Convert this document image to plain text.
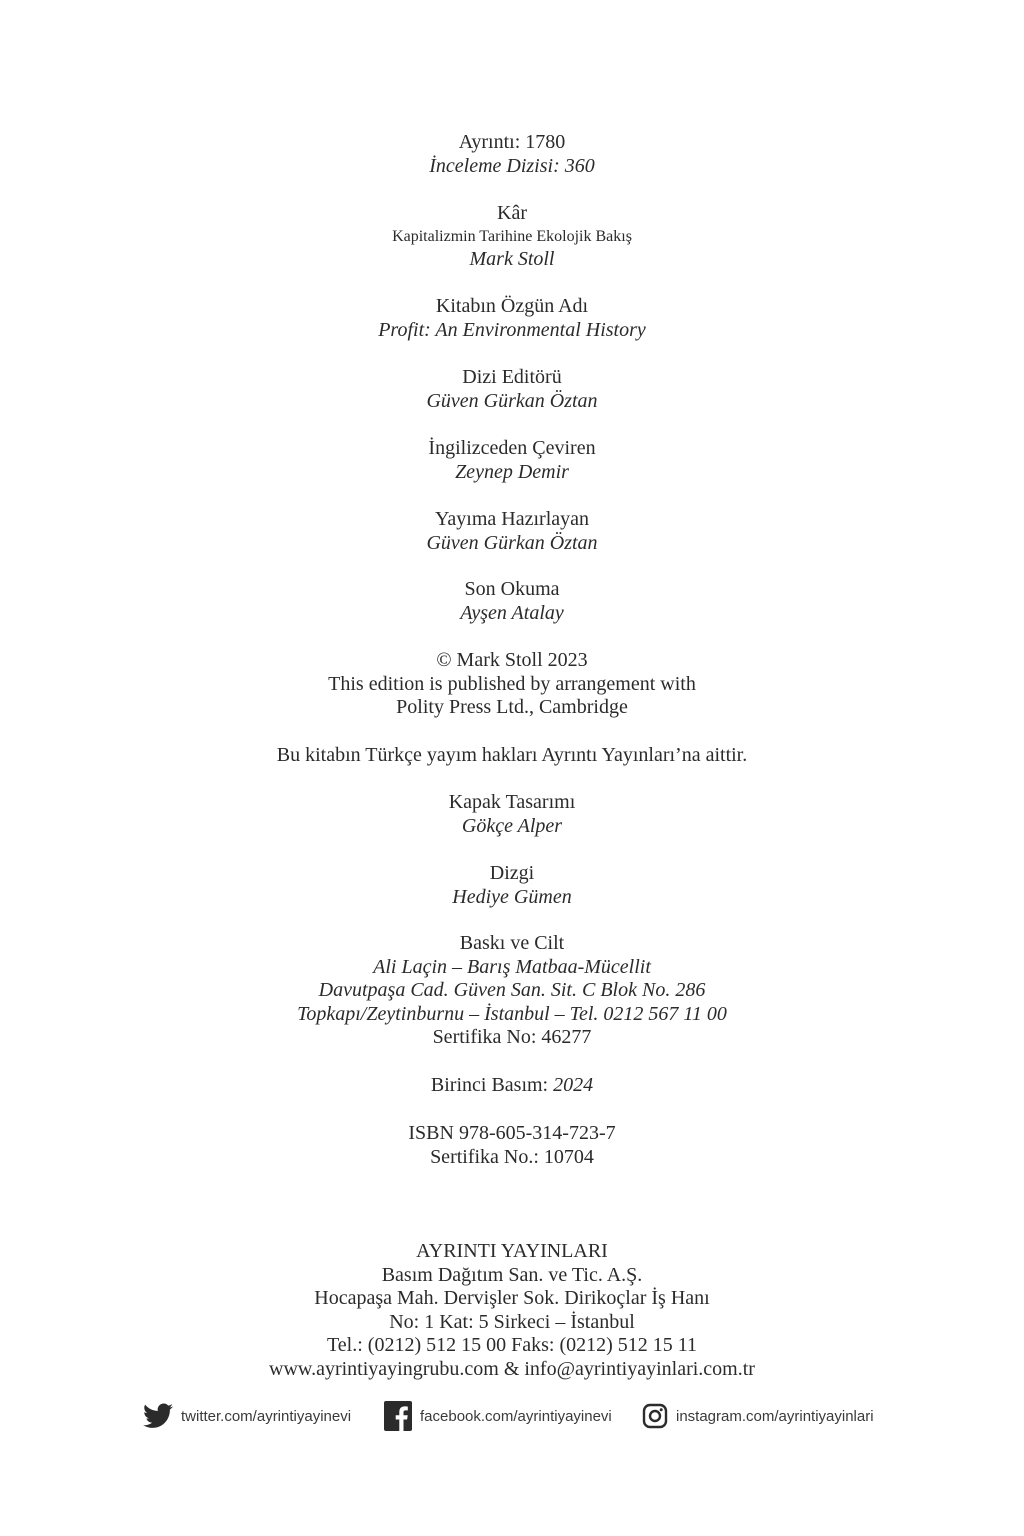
Ayrıntı: 1780
İnceleme Dizisi: 360
Kâr
Kapitalizmin Tarihine Ekolojik Bakış
Mark Stoll
Kitabın Özgün Adı
Profit: An Environmental History
Dizi Editörü
Güven Gürkan Öztan
İngilizceden Çeviren
Zeynep Demir
Yayıma Hazırlayan
Güven Gürkan Öztan
Son Okuma
Ayşen Atalay
© Mark Stoll 2023
This edition is published by arrangement with
Polity Press Ltd., Cambridge
Bu kitabın Türkçe yayım hakları Ayrıntı Yayınları’na aittir.
Kapak Tasarımı
Gökçe Alper
Dizgi
Hediye Gümen
Baskı ve Cilt
Ali Laçin – Barış Matbaa-Mücellit
Davutpaşa Cad. Güven San. Sit. C Blok No. 286
Topkapı/Zeytinburnu – İstanbul – Tel. 0212 567 11 00
Sertifika No: 46277
Birinci Basım: 2024
ISBN 978-605-314-723-7
Sertifika No.: 10704
AYRINTI YAYINLARI
Basım Dağıtım San. ve Tic. A.Ş.
Hocapaşa Mah. Dervişler Sok. Dirikoçlar İş Hanı
No: 1 Kat: 5 Sirkeci – İstanbul
Tel.: (0212) 512 15 00 Faks: (0212) 512 15 11
www.ayrintiyayingrubu.com & info@ayrintiyayinlari.com.tr
twitter.com/ayrintiyayinevi	facebook.com/ayrintiyayinevi	instagram.com/ayrintiyayinlari
